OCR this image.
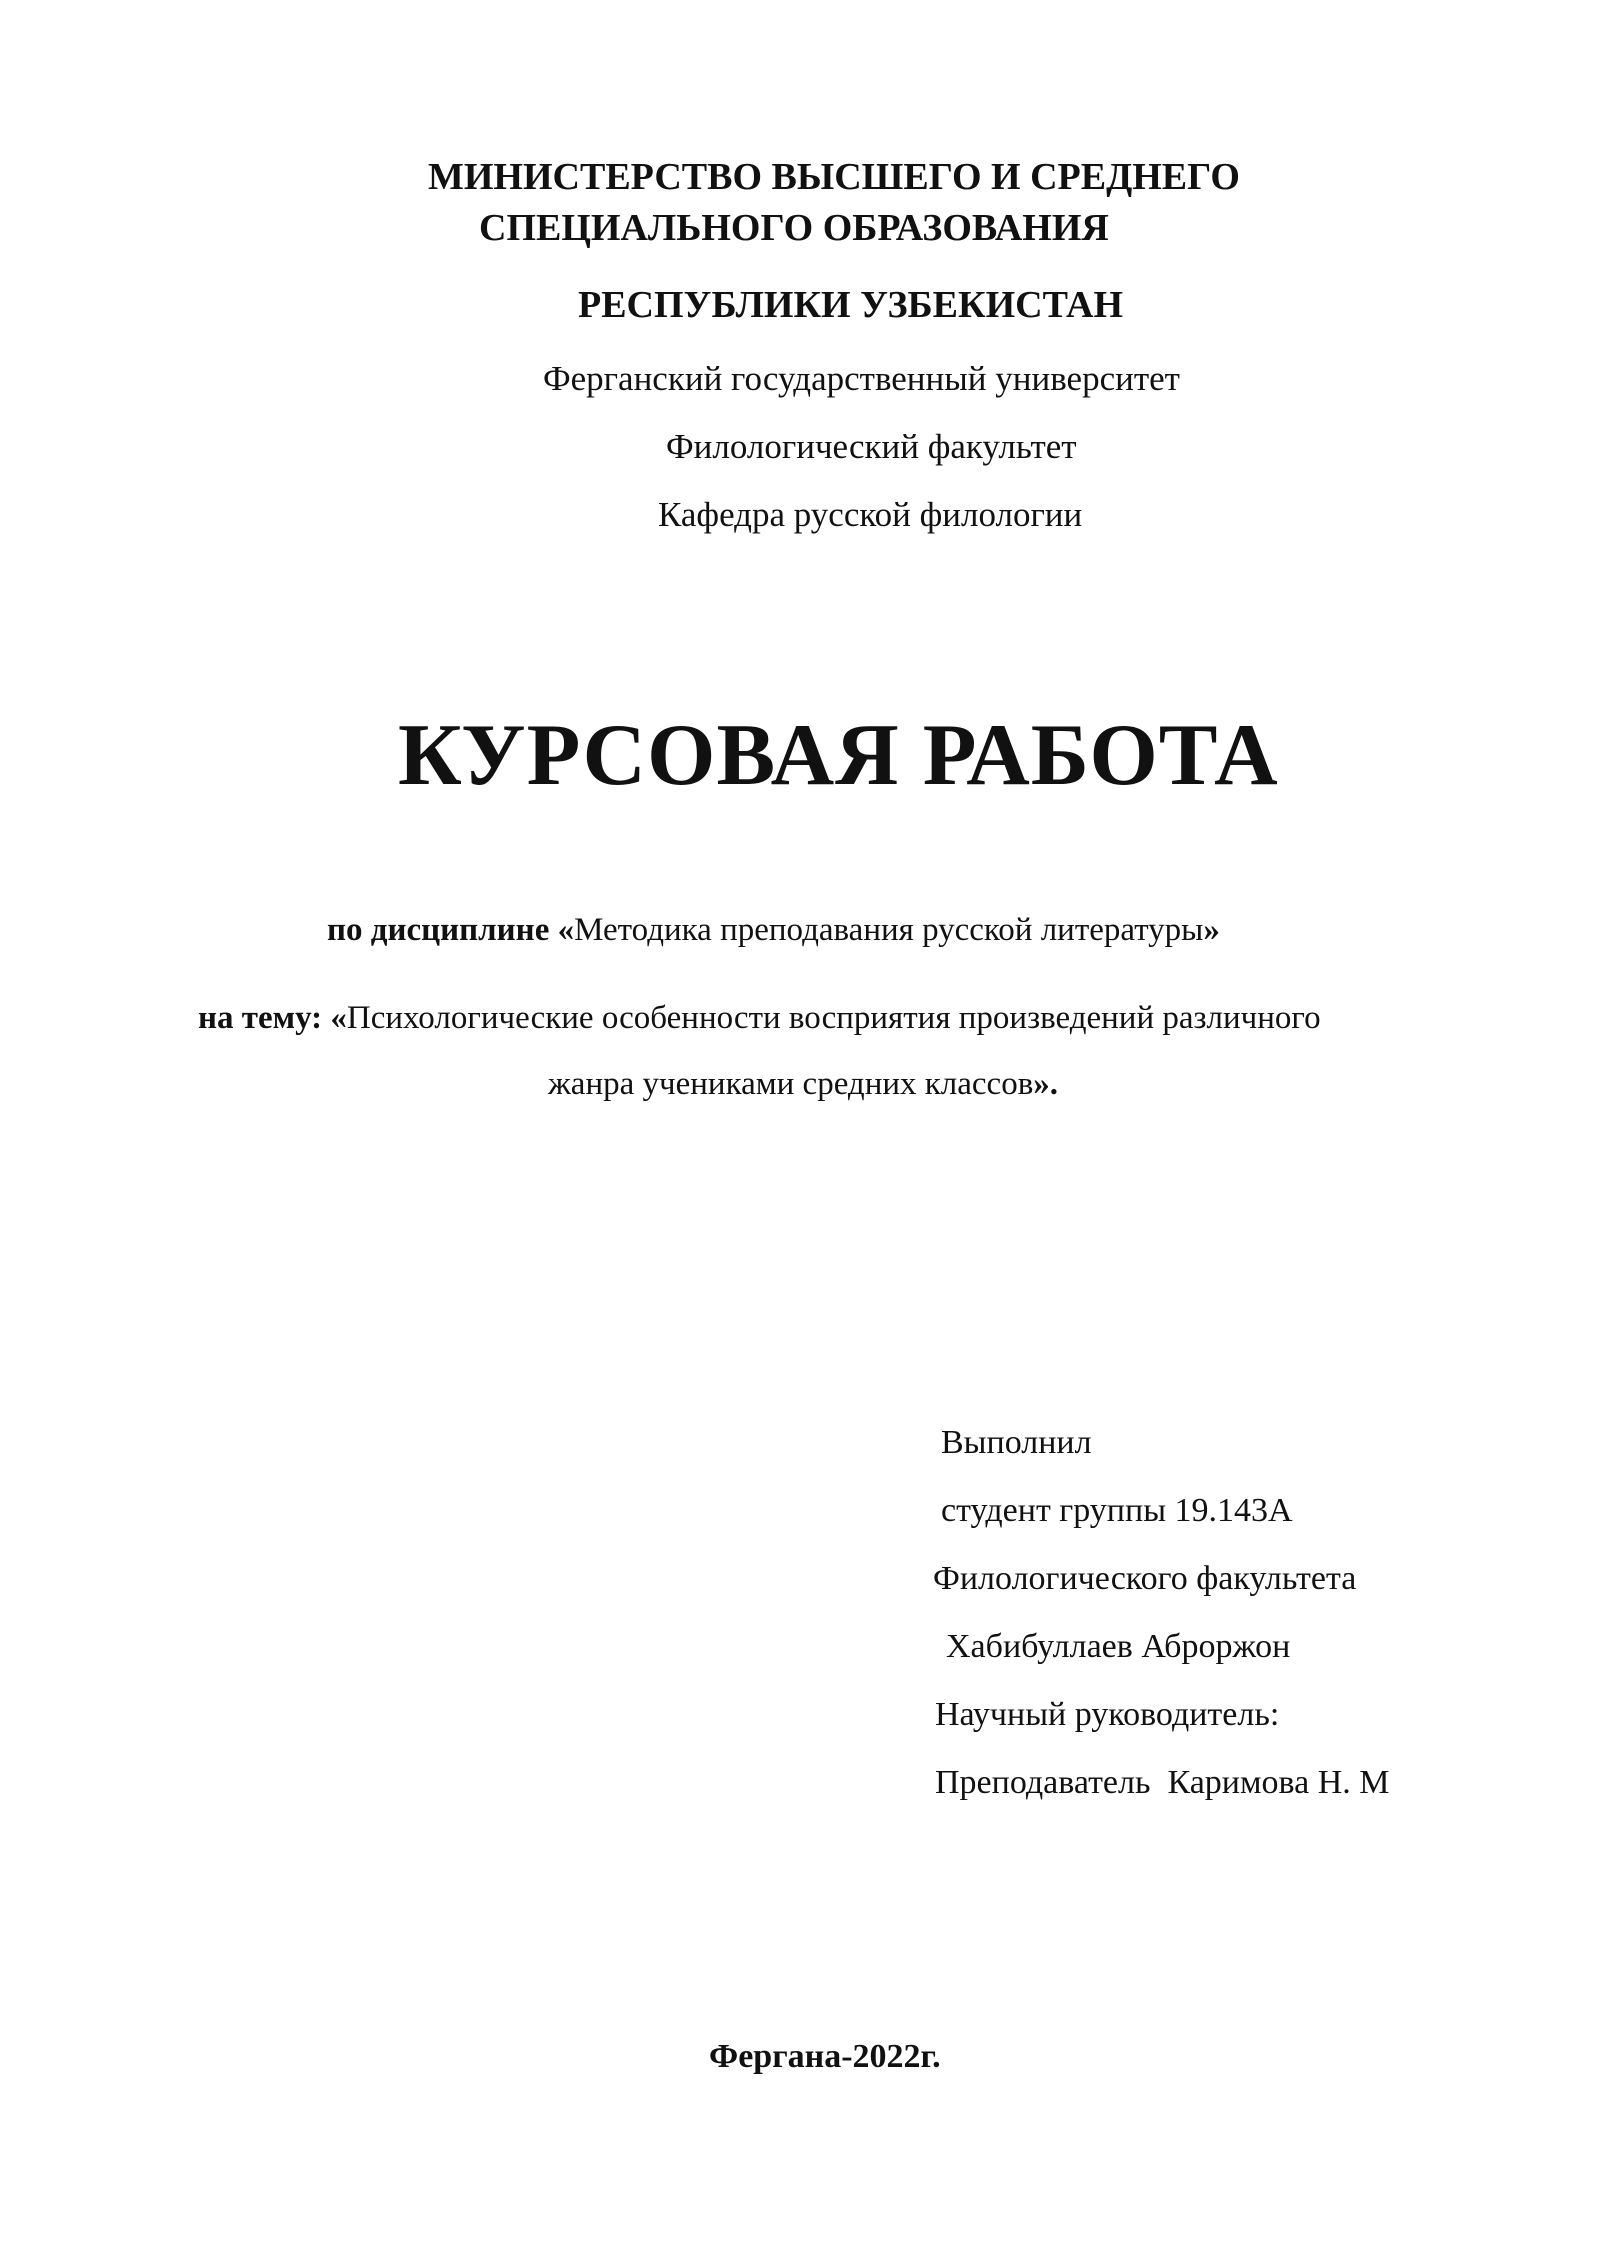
МИНИСТЕРСТВО ВЫСШЕГО И СРЕДНЕГО
СПЕЦИАЛЬНОГО ОБРАЗОВАНИЯ
РЕСПУБЛИКИ УЗБЕКИСТАН
Ферганский государственный университет
Филологический факультет
Кафедра русской филологии
КУРСОВАЯ РАБОТА
по дисциплине «Методика преподавания русской литературы»
на тему: «Психологические особенности восприятия произведений различного
жанра учениками средних классов».
Выполнил
студент группы 19.143А
Филологического факультета
Хабибуллаев Аброржон
Научный руководитель:
Преподаватель  Каримова Н. М
Фергана-2022г.
